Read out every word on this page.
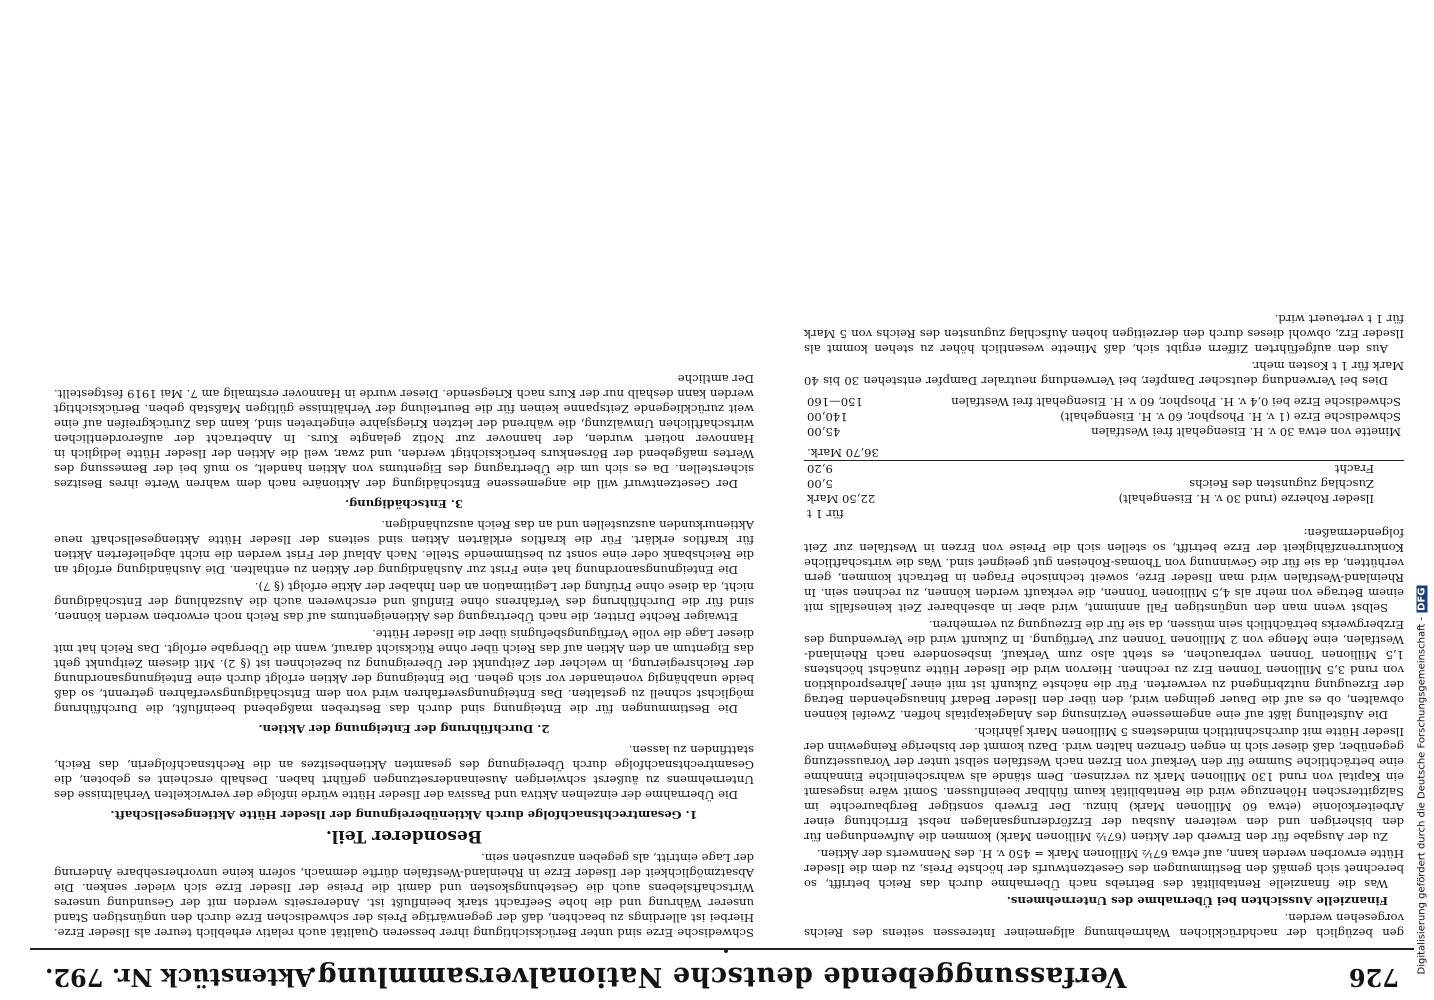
726
Verfassunggebende deutsche Nationalversammlung.
Aktenstück Nr. 792.

gen bezüglich der nachdrücklichen Wahrnehmung allgemeiner Interessen seitens des Reichs vorgesehen werden.

Finanzielle Aussichten bei Übernahme des Unternehmens.

Was die finanzielle Rentabilität des Betriebs nach Übernahme durch das Reich betrifft, so berechnet sich gemäß den Bestimmungen des Gesetzentwurfs der höchste Preis, zu dem die Ilseder Hütte erworben werden kann, auf etwa 67½ Millionen Mark = 450 v. H. des Nennwerts der Aktien.

Zu der Ausgabe für den Erwerb der Aktien (67½ Millionen Mark) kommen die Aufwendungen für den bisherigen und den weiteren Ausbau der Erzförderungsanlagen nebst Errichtung einer Arbeiterkolonie (etwa 60 Millionen Mark) hinzu. Der Erwerb sonstiger Bergbaurechte im Salzgitterschen Höhenzuge wird die Rentabilität kaum fühlbar beeinflussen. Somit wäre insgesamt ein Kapital von rund 130 Millionen Mark zu verzinsen. Dem stände als wahrscheinliche Einnahme eine beträchtliche Summe für den Verkauf von Erzen nach Westfalen selbst unter der Voraussetzung gegenüber, daß dieser sich in engen Grenzen halten wird. Dazu kommt der bisherige Reingewinn der Ilseder Hütte mit durchschnittlich mindestens 5 Millionen Mark jährlich.

Die Aufstellung läßt auf eine angemessene Verzinsung des Anlagekapitals hoffen. Zweifel können obwalten, ob es auf die Dauer gelingen wird, den über den Ilseder Bedarf hinausgehenden Betrag der Erzeugung nutzbringend zu verwerten. Für die nächste Zukunft ist mit einer Jahresproduktion von rund 3,5 Millionen Tonnen Erz zu rechnen. Hiervon wird die Ilseder Hütte zunächst höchstens 1,5 Millionen Tonnen verbrauchen, es steht also zum Verkauf, insbesondere nach Rheinland-Westfalen, eine Menge von 2 Millionen Tonnen zur Verfügung. In Zukunft wird die Verwendung des Erzbergwerks beträchtlich sein müssen, da sie für die Erzeugung zu vermehren.

Selbst wenn man den ungünstigen Fall annimmt, wird aber in absehbarer Zeit keinesfalls mit einem Betrage von mehr als 4,5 Millionen Tonnen, die verkauft werden können, zu rechnen sein. In Rheinland-Westfalen wird man Ilseder Erze, soweit technische Fragen in Betracht kommen, gern verhütten, da sie für die Gewinnung von Thomas-Roheisen gut geeignet sind. Was die wirtschaftliche Konkurrenzfähigkeit der Erze betrifft, so stellen sich die Preise von Erzen in Westfalen zur Zeit folgendermaßen:

	für 1 t
Ilseder Roherze (rund 30 v. H. Eisengehalt)	22,50 Mark
Zuschlag zugunsten des Reichs	5,00
Fracht	9,20
	36,70 Mark.
Minette von etwa 30 v. H. Eisengehalt frei Westfalen	45,00
Schwedische Erze (1 v. H. Phosphor, 60 v. H. Eisengehalt)	140,00
Schwedische Erze bei 0,4 v. H. Phosphor, 60 v. H. Eisengehalt frei Westfalen	150—160

Dies bei Verwendung deutscher Dampfer, bei Verwendung neutraler Dampfer entstehen 30 bis 40 Mark für 1 t Kosten mehr.

Aus den aufgeführten Ziffern ergibt sich, daß Minette wesentlich höher zu stehen kommt als Ilseder Erz, obwohl dieses durch den derzeitigen hohen Aufschlag zugunsten des Reichs von 5 Mark für 1 t verteuert wird.

Schwedische Erze sind unter Berücksichtigung ihrer besseren Qualität auch relativ erheblich teurer als Ilseder Erze. Hierbei ist allerdings zu beachten, daß der gegenwärtige Preis der schwedischen Erze durch den ungünstigen Stand unserer Währung und die hohe Seefracht stark beeinflußt ist. Andererseits werden mit der Gesundung unseres Wirtschaftslebens auch die Gestehungskosten und damit die Preise der Ilseder Erze sich wieder senken. Die Absatzmöglichkeit der Ilseder Erze in Rheinland-Westfalen dürfte demnach, sofern keine unvorhersehbare Änderung der Lage eintritt, als gegeben anzusehen sein.

Besonderer Teil.
1. Gesamtrechtsnachfolge durch Aktienübereignung der Ilseder Hütte Aktiengesellschaft.

Die Übernahme der einzelnen Aktiva und Passiva der Ilseder Hütte würde infolge der verwickelten Verhältnisse des Unternehmens zu äußerst schwierigen Auseinandersetzungen geführt haben. Deshalb erscheint es geboten, die Gesamtrechtsnachfolge durch Übereignung des gesamten Aktienbesitzes an die Rechtsnachfolgerin, das Reich, stattfinden zu lassen.

2. Durchführung der Enteignung der Aktien.

Die Bestimmungen für die Enteignung sind durch das Bestreben maßgebend beeinflußt, die Durchführung möglichst schnell zu gestalten. Das Enteignungsverfahren wird von dem Entschädigungsverfahren getrennt, so daß beide unabhängig voneinander vor sich gehen. Die Enteignung der Aktien erfolgt durch eine Enteignungsanordnung der Reichsregierung, in welcher der Zeitpunkt der Übereignung zu bezeichnen ist (§ 2). Mit diesem Zeitpunkt geht das Eigentum an den Aktien auf das Reich über ohne Rücksicht darauf, wann die Übergabe erfolgt. Das Reich hat mit dieser Lage die volle Verfügungsbefugnis über die Ilseder Hütte.

Etwaiger Rechte Dritter, die nach Übertragung des Aktieneigentums auf das Reich noch erworben werden können, sind für die Durchführung des Verfahrens ohne Einfluß und erschweren auch die Auszahlung der Entschädigung nicht, da diese ohne Prüfung der Legitimation an den Inhaber der Aktie erfolgt (§ 7).

Die Enteignungsanordnung hat eine Frist zur Aushändigung der Aktien zu enthalten. Die Aushändigung erfolgt an die Reichsbank oder eine sonst zu bestimmende Stelle. Nach Ablauf der Frist werden die nicht abgelieferten Aktien für kraftlos erklärt. Für die kraftlos erklärten Aktien sind seitens der Ilseder Hütte Aktiengesellschaft neue Aktienurkunden auszustellen und an das Reich auszuhändigen.

3. Entschädigung.

Der Gesetzentwurf will die angemessene Entschädigung der Aktionäre nach dem wahren Werte ihres Besitzes sicherstellen. Da es sich um die Übertragung des Eigentums von Aktien handelt, so muß bei der Bemessung des Wertes maßgebend der Börsenkurs berücksichtigt werden, und zwar, weil die Aktien der Ilseder Hütte lediglich in Hannover notiert wurden, der hannover zur Notiz gelangte Kurs. In Anbetracht der außerordentlichen wirtschaftlichen Umwälzung, die während der letzten Kriegsjahre eingetreten sind, kann das Zurückgreifen auf eine weit zurückliegende Zeitspanne keinen für die Beurteilung der Verhältnisse gültigen Maßstab geben. Berücksichtigt werden kann deshalb nur der Kurs nach Kriegsende. Dieser wurde in Hannover erstmalig am 7. Mai 1919 festgestellt. Der amtliche

Digitalisierung gefördert durch die Deutsche Forschungsgemeinschaft -DFG
